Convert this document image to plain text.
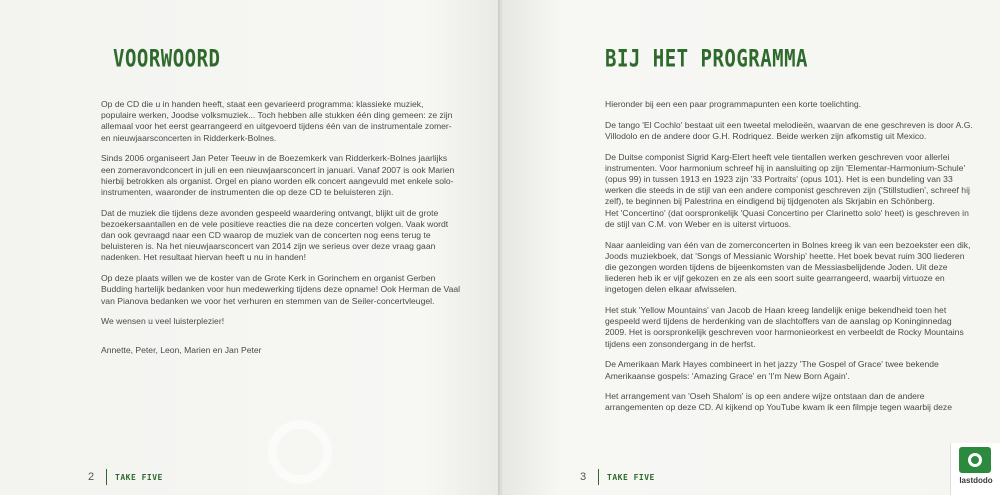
VOORWOORD

Op de CD die u in handen heeft, staat een gevarieerd programma: klassieke muziek, populaire werken, Joodse volksmuziek... Toch hebben alle stukken één ding gemeen: ze zijn allemaal voor het eerst gearrangeerd en uitgevoerd tijdens één van de instrumentale zomer- en nieuwjaarsconcerten in Ridderkerk-Bolnes.

Sinds 2006 organiseert Jan Peter Teeuw in de Boezemkerk van Ridderkerk-Bolnes jaarlijks een zomeravondconcert in juli en een nieuwjaarsconcert in januari. Vanaf 2007 is ook Marien hierbij betrokken als organist. Orgel en piano worden elk concert aangevuld met enkele solo-instrumenten, waaronder de instrumenten die op deze CD te beluisteren zijn.

Dat de muziek die tijdens deze avonden gespeeld waardering ontvangt, blijkt uit de grote bezoekersaantallen en de vele positieve reacties die na deze concerten volgen. Vaak wordt dan ook gevraagd naar een CD waarop de muziek van de concerten nog eens terug te beluisteren is. Na het nieuwjaarsconcert van 2014 zijn we serieus over deze vraag gaan nadenken. Het resultaat hiervan heeft u nu in handen!

Op deze plaats willen we de koster van de Grote Kerk in Gorinchem en organist Gerben Budding hartelijk bedanken voor hun medewerking tijdens deze opname! Ook Herman de Vaal van Pianova bedanken we voor het verhuren en stemmen van de Seiler-concertvleugel.

We wensen u veel luisterplezier!

Annette, Peter, Leon, Marien en Jan Peter

2	TAKE FIVE
BIJ HET PROGRAMMA

Hieronder bij een een paar programmapunten een korte toelichting.

De tango 'El Cochlo' bestaat uit een tweetal melodieën, waarvan de ene geschreven is door A.G. Villodolo en de andere door G.H. Rodriquez. Beide werken zijn afkomstig uit Mexico.

De Duitse componist Sigrid Karg-Elert heeft vele tientallen werken geschreven voor allerlei instrumenten. Voor harmonium schreef hij in aansluiting op zijn 'Elementar-Harmonium-Schule' (opus 99) in tussen 1913 en 1923 zijn '33 Portraits' (opus 101). Het is een bundeling van 33 werken die steeds in de stijl van een andere componist geschreven zijn ('Stillstudien', schreef hij zelf), te beginnen bij Palestrina en eindigend bij tijdgenoten als Skrjabin en Schönberg.

Het 'Concertino' (dat oorspronkelijk 'Quasi Concertino per Clarinetto solo' heet) is geschreven in de stijl van C.M. von Weber en is uiterst virtuoos.

Naar aanleiding van één van de zomerconcerten in Bolnes kreeg ik van een bezoekster een dik, Joods muziekboek, dat 'Songs of Messianic Worship' heette. Het boek bevat ruim 300 liederen die gezongen worden tijdens de bijeenkomsten van de Messiasbelijdende Joden. Uit deze liederen heb ik er vijf gekozen en ze als een soort suite gearrangeerd, waarbij virtuoze en ingetogen delen elkaar afwisselen.

Het stuk 'Yellow Mountains' van Jacob de Haan kreeg landelijk enige bekendheid toen het gespeeld werd tijdens de herdenking van de slachtoffers van de aanslag op Koninginnedag 2009. Het is oorspronkelijk geschreven voor harmonieorkest en verbeeldt de Rocky Mountains tijdens een zonsondergang in de herfst.

De Amerikaan Mark Hayes combineert in het jazzy 'The Gospel of Grace' twee bekende Amerikaanse gospels: 'Amazing Grace' en 'I'm New Born Again'.

Het arrangement van 'Oseh Shalom' is op een andere wijze ontstaan dan de andere arrangementen op deze CD. Al kijkend op YouTube kwam ik een filmpje tegen waarbij deze

3	TAKE FIVE	lastdodo
